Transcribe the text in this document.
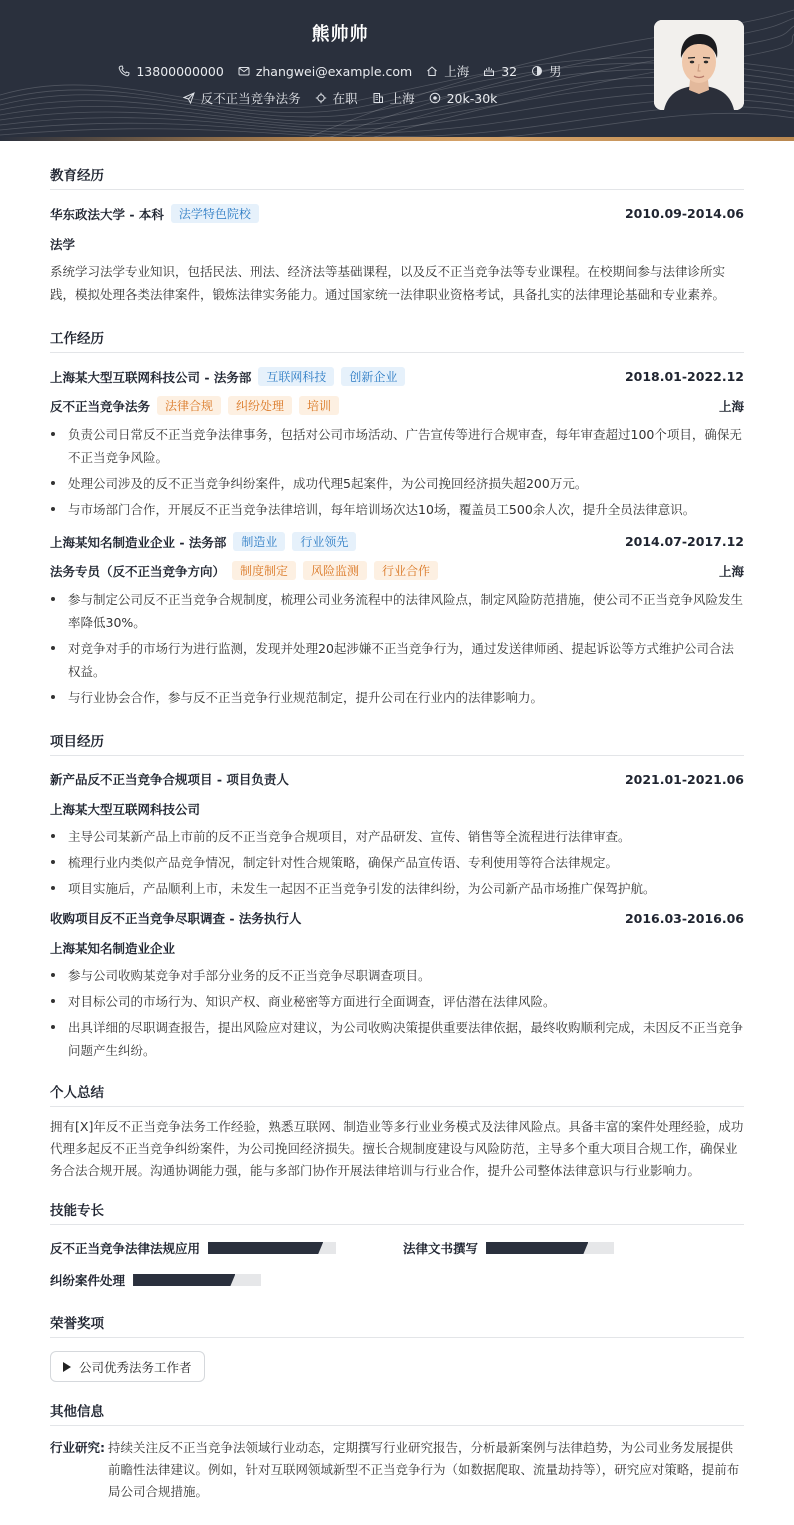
熊帅帅
13800000000	zhangwei@example.com	上海	32	男
反不正当竞争法务	在职	上海	20k-30k
教育经历
华东政法大学 - 本科	法学特色院校	2010.09-2014.06
法学
系统学习法学专业知识，包括民法、刑法、经济法等基础课程，以及反不正当竞争法等专业课程。在校期间参与法律诊所实践，模拟处理各类法律案件，锻炼法律实务能力。通过国家统一法律职业资格考试，具备扎实的法律理论基础和专业素养。
工作经历
上海某大型互联网科技公司 - 法务部	互联网科技	创新企业	2018.01-2022.12
反不正当竞争法务	法律合规	纠纷处理	培训	上海
负责公司日常反不正当竞争法律事务，包括对公司市场活动、广告宣传等进行合规审查，每年审查超过100个项目，确保无不正当竞争风险。
处理公司涉及的反不正当竞争纠纷案件，成功代理5起案件，为公司挽回经济损失超200万元。
与市场部门合作，开展反不正当竞争法律培训，每年培训场次达10场，覆盖员工500余人次，提升全员法律意识。
上海某知名制造业企业 - 法务部	制造业	行业领先	2014.07-2017.12
法务专员（反不正当竞争方向）	制度制定	风险监测	行业合作	上海
参与制定公司反不正当竞争合规制度，梳理公司业务流程中的法律风险点，制定风险防范措施，使公司不正当竞争风险发生率降低30%。
对竞争对手的市场行为进行监测，发现并处理20起涉嫌不正当竞争行为，通过发送律师函、提起诉讼等方式维护公司合法权益。
与行业协会合作，参与反不正当竞争行业规范制定，提升公司在行业内的法律影响力。
项目经历
新产品反不正当竞争合规项目 - 项目负责人	2021.01-2021.06
上海某大型互联网科技公司
主导公司某新产品上市前的反不正当竞争合规项目，对产品研发、宣传、销售等全流程进行法律审查。
梳理行业内类似产品竞争情况，制定针对性合规策略，确保产品宣传语、专利使用等符合法律规定。
项目实施后，产品顺利上市，未发生一起因不正当竞争引发的法律纠纷，为公司新产品市场推广保驾护航。
收购项目反不正当竞争尽职调查 - 法务执行人	2016.03-2016.06
上海某知名制造业企业
参与公司收购某竞争对手部分业务的反不正当竞争尽职调查项目。
对目标公司的市场行为、知识产权、商业秘密等方面进行全面调查，评估潜在法律风险。
出具详细的尽职调查报告，提出风险应对建议，为公司收购决策提供重要法律依据，最终收购顺利完成，未因反不正当竞争问题产生纠纷。
个人总结
拥有[X]年反不正当竞争法务工作经验，熟悉互联网、制造业等多行业业务模式及法律风险点。具备丰富的案件处理经验，成功代理多起反不正当竞争纠纷案件，为公司挽回经济损失。擅长合规制度建设与风险防范，主导多个重大项目合规工作，确保业务合法合规开展。沟通协调能力强，能与多部门协作开展法律培训与行业合作，提升公司整体法律意识与行业影响力。
技能专长
反不正当竞争法律法规应用	法律文书撰写
纠纷案件处理
荣誉奖项
公司优秀法务工作者
其他信息
行业研究: 持续关注反不正当竞争法领域行业动态，定期撰写行业研究报告，分析最新案例与法律趋势，为公司业务发展提供前瞻性法律建议。例如，针对互联网领域新型不正当竞争行为（如数据爬取、流量劫持等），研究应对策略，提前布局公司合规措施。
